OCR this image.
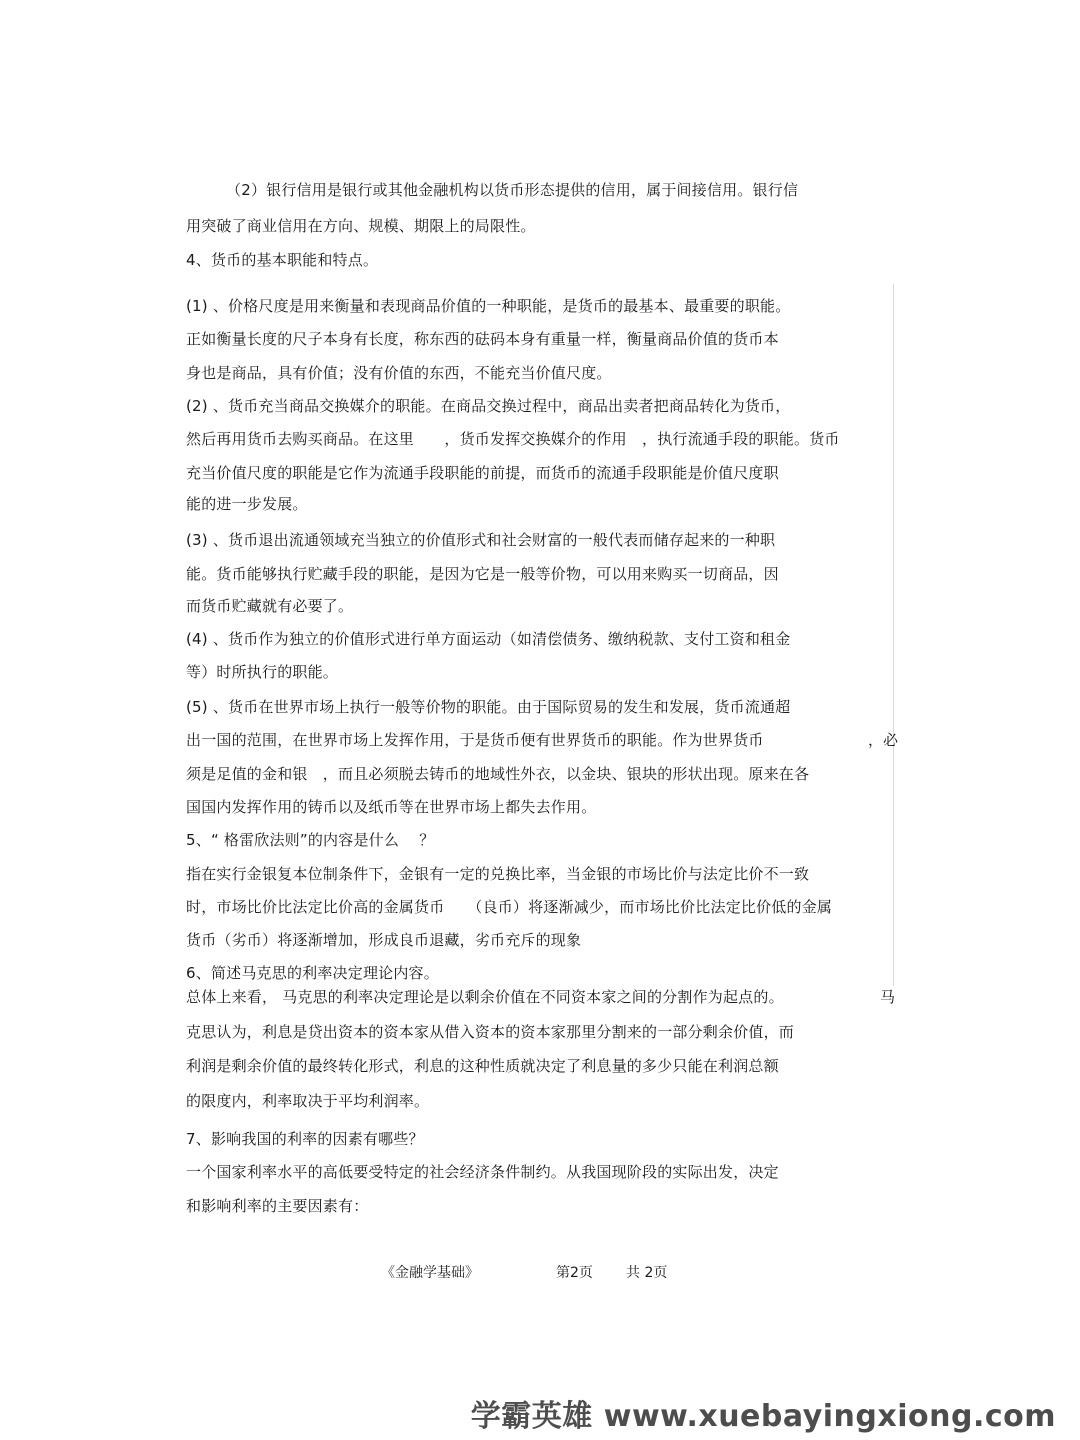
（2）银行信用是银行或其他金融机构以货币形态提供的信用，属于间接信用。银行信
用突破了商业信用在方向、规模、期限上的局限性。
4、货币的基本职能和特点。
(1) 、价格尺度是用来衡量和表现商品价值的一种职能，是货币的最基本、最重要的职能。
正如衡量长度的尺子本身有长度，称东西的砝码本身有重量一样，衡量商品价值的货币本
身也是商品，具有价值；没有价值的东西，不能充当价值尺度。
(2) 、货币充当商品交换媒介的职能。在商品交换过程中，商品出卖者把商品转化为货币，
然后再用货币去购买商品。在这里　　，货币发挥交换媒介的作用　，执行流通手段的职能。货币
充当价值尺度的职能是它作为流通手段职能的前提，而货币的流通手段职能是价值尺度职
能的进一步发展。
(3) 、货币退出流通领域充当独立的价值形式和社会财富的一般代表而储存起来的一种职
能。货币能够执行贮藏手段的职能，是因为它是一般等价物，可以用来购买一切商品，因
而货币贮藏就有必要了。
(4) 、货币作为独立的价值形式进行单方面运动（如清偿债务、缴纳税款、支付工资和租金
等）时所执行的职能。
(5) 、货币在世界市场上执行一般等价物的职能。由于国际贸易的发生和发展，货币流通超
出一国的范围，在世界市场上发挥作用，于是货币便有世界货币的职能。作为世界货币	，必
须是足值的金和银　，而且必须脱去铸币的地域性外衣，以金块、银块的形状出现。原来在各
国国内发挥作用的铸币以及纸币等在世界市场上都失去作用。
5、“ 格雷欣法则”的内容是什么　 ？
指在实行金银复本位制条件下，金银有一定的兑换比率，当金银的市场比价与法定比价不一致
时，市场比价比法定比价高的金属货币　　（良币）将逐渐减少，而市场比价比法定比价低的金属
货币（劣币）将逐渐增加，形成良币退藏，劣币充斥的现象
6、简述马克思的利率决定理论内容。
总体上来看， 马克思的利率决定理论是以剩余价值在不同资本家之间的分割作为起点的。	马
克思认为，利息是贷出资本的资本家从借入资本的资本家那里分割来的一部分剩余价值，而
利润是剩余价值的最终转化形式，利息的这种性质就决定了利息量的多少只能在利润总额
的限度内，利率取决于平均利润率。
7、影响我国的利率的因素有哪些？
一个国家利率水平的高低要受特定的社会经济条件制约。从我国现阶段的实际出发，决定
和影响利率的主要因素有：
《金融学基础》	第2页 共 2页
学霸英雄 www.xuebayingxiong.com
